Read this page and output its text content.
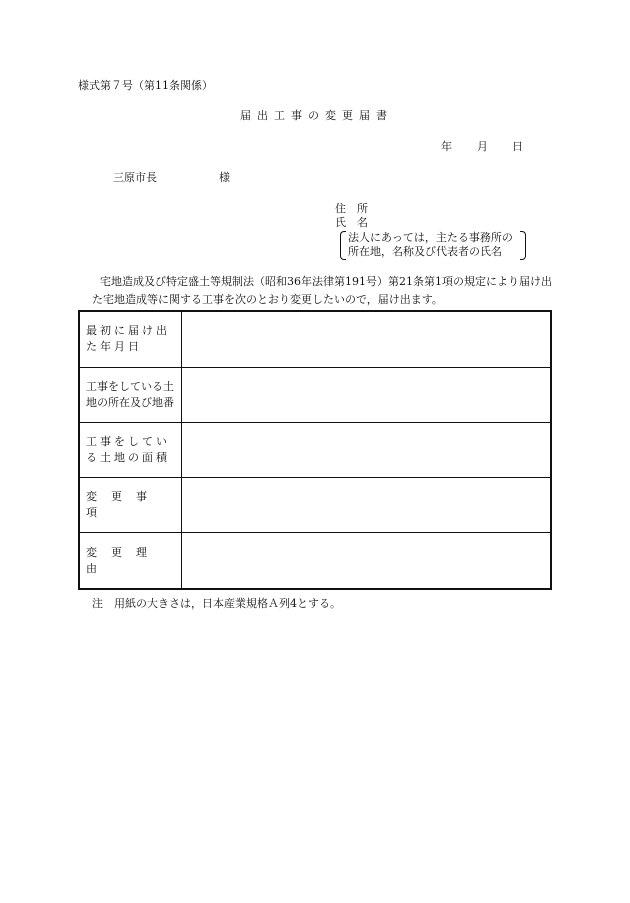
様式第７号（第11条関係）
届出工事の変更届書
年 月 日
三原市長	様
住　所
氏　名
法人にあっては，主たる事務所の
所在地，名称及び代表者の氏名
宅地造成及び特定盛土等規制法（昭和36年法律第191号）第21条第1項の規定により届け出
た宅地造成等に関する工事を次のとおり変更したいので，届け出ます。
最初に届け出た年月日	
工事をしている土地の所在及び地番	
工事をしている土地の面積	
変更事項	
変更理由	
注　用紙の大きさは，日本産業規格Ａ列4とする。
